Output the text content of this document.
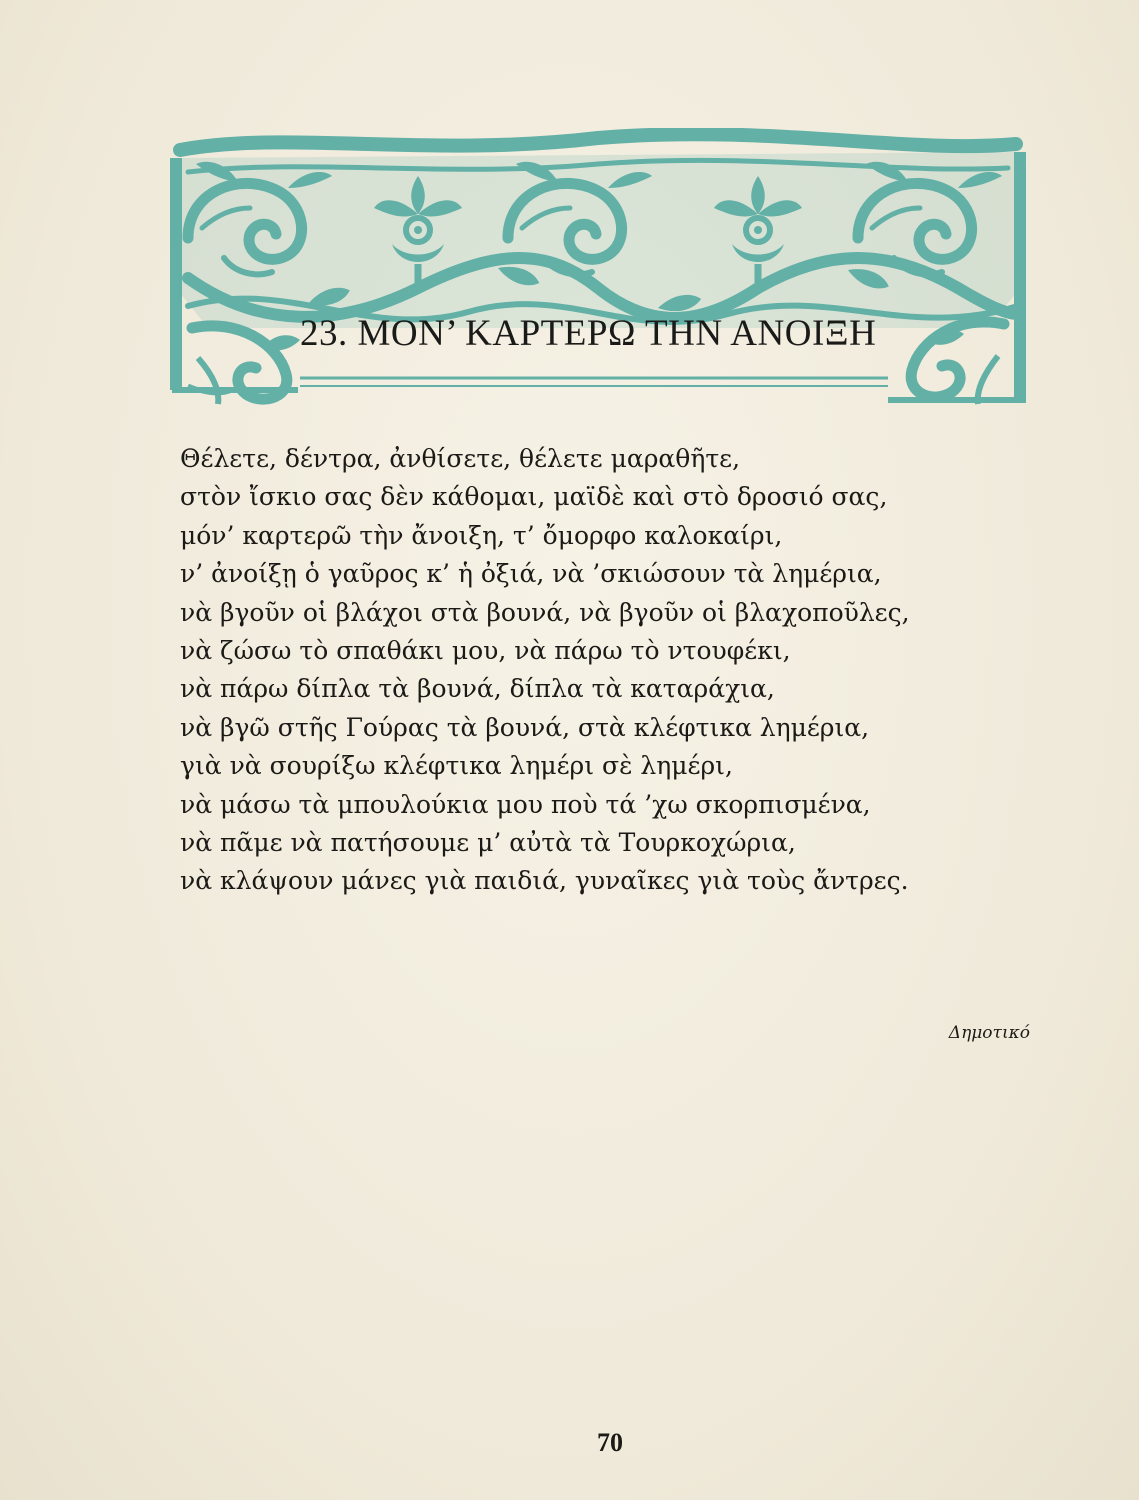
23. ΜΟΝ’ ΚΑΡΤΕΡΩ ΤΗΝ ΑΝΟΙΞΗ
Θέλετε, δέντρα, ἀνθίσετε, θέλετε μαραθῆτε,
στὸν ἴσκιο σας δὲν κάθομαι, μαϊδὲ καὶ στὸ δροσιό σας,
μόν’ καρτερῶ τὴν ἄνοιξη, τ’ ὄμορφο καλοκαίρι,
ν’ ἀνοίξῃ ὁ γαῦρος κ’ ἡ ὀξιά, νὰ ’σκιώσουν τὰ λημέρια,
νὰ βγοῦν οἱ βλάχοι στὰ βουνά, νὰ βγοῦν οἱ βλαχοποῦλες,
νὰ ζώσω τὸ σπαθάκι μου, νὰ πάρω τὸ ντουφέκι,
νὰ πάρω δίπλα τὰ βουνά, δίπλα τὰ καταράχια,
νὰ βγῶ στῆς Γούρας τὰ βουνά, στὰ κλέφτικα λημέρια,
γιὰ νὰ σουρίξω κλέφτικα λημέρι σὲ λημέρι,
νὰ μάσω τὰ μπουλούκια μου ποὺ τά ’χω σκορπισμένα,
νὰ πᾶμε νὰ πατήσουμε μ’ αὐτὰ τὰ Τουρκοχώρια,
νὰ κλάψουν μάνες γιὰ παιδιά, γυναῖκες γιὰ τοὺς ἄντρες.
Δημοτικό
70
